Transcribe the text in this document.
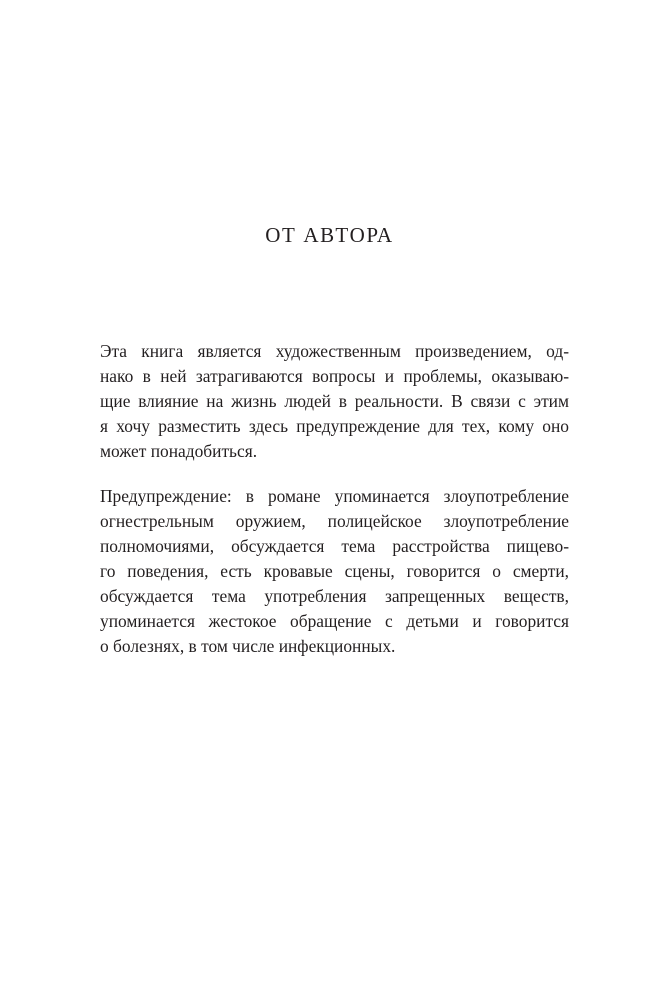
ОТ АВТОРА
Эта книга является художественным произведением, од-
нако в ней затрагиваются вопросы и проблемы, оказываю-
щие влияние на жизнь людей в реальности. В связи с этим
я хочу разместить здесь предупреждение для тех, кому оно
может понадобиться.
Предупреждение: в романе упоминается злоупотребление
огнестрельным оружием, полицейское злоупотребление
полномочиями, обсуждается тема расстройства пищево-
го поведения, есть кровавые сцены, говорится о смерти,
обсуждается тема употребления запрещенных веществ,
упоминается жестокое обращение с детьми и говорится
о болезнях, в том числе инфекционных.
